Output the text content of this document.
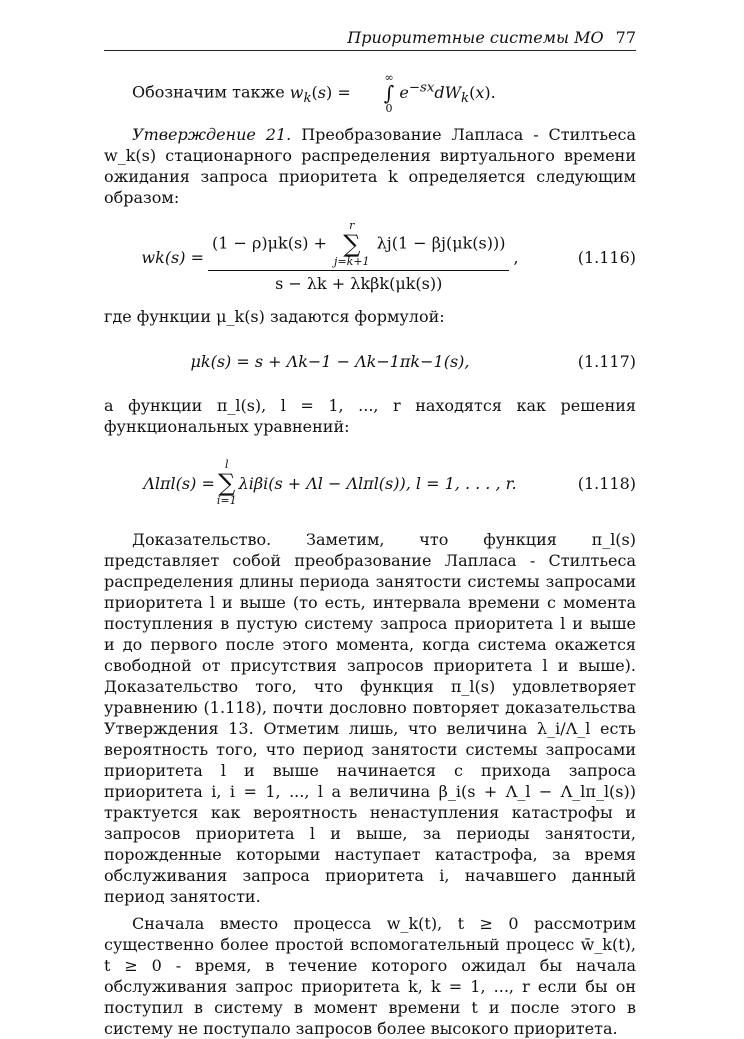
Приоритетные системы МО 77

Обозначим также $w_k(s)$ =
∞
∫
0
$e^{-sx}dW_k(x)$.

Утверждение 21. Преобразование Лапласа - Стилтьеса w_k(s) стационарного распределения виртуального времени ожидания запроса приоритета k определяется следующим образом:

wk(s) = (1 − ρ)μk(s) +
r
∑
j=k+1
λj(1 − βj(μk(s)))
s − λk + λkβk(μk(s)) ,	(1.116)

где функции μ_k(s) задаются формулой:

μk(s) = s + Λk−1 − Λk−1πk−1(s),	(1.117)

а функции π_l(s), l = 1, ..., r находятся как решения функциональных уравнений:

Λlπl(s) =
l
∑
i=1
λiβi(s + Λl − Λlπl(s)), l = 1, . . . , r.	(1.118)

Доказательство. Заметим, что функция π_l(s) представляет собой преобразование Лапласа - Стилтьеса распределения длины периода занятости системы запросами приоритета l и выше (то есть, интервала времени с момента поступления в пустую систему запроса приоритета l и выше и до первого после этого момента, когда система окажется свободной от присутствия запросов приоритета l и выше). Доказательство того, что функция π_l(s) удовлетворяет уравнению (1.118), почти дословно повторяет доказательства Утверждения 13. Отметим лишь, что величина λ_i/Λ_l есть вероятность того, что период занятости системы запросами приоритета l и выше начинается с прихода запроса приоритета i, i = 1, ..., l а величина β_i(s + Λ_l − Λ_lπ_l(s)) трактуется как вероятность ненаступления катастрофы и запросов приоритета l и выше, за периоды занятости, порожденные которыми наступает катастрофа, за время обслуживания запроса приоритета i, начавшего данный период занятости.

Сначала вместо процесса w_k(t), t ≥ 0 рассмотрим существенно более простой вспомогательный процесс w̄_k(t), t ≥ 0 - время, в течение которого ожидал бы начала обслуживания запрос приоритета k, k = 1, ..., r если бы он поступил в систему в момент времени t и после этого в систему не поступало запросов более высокого приоритета.
